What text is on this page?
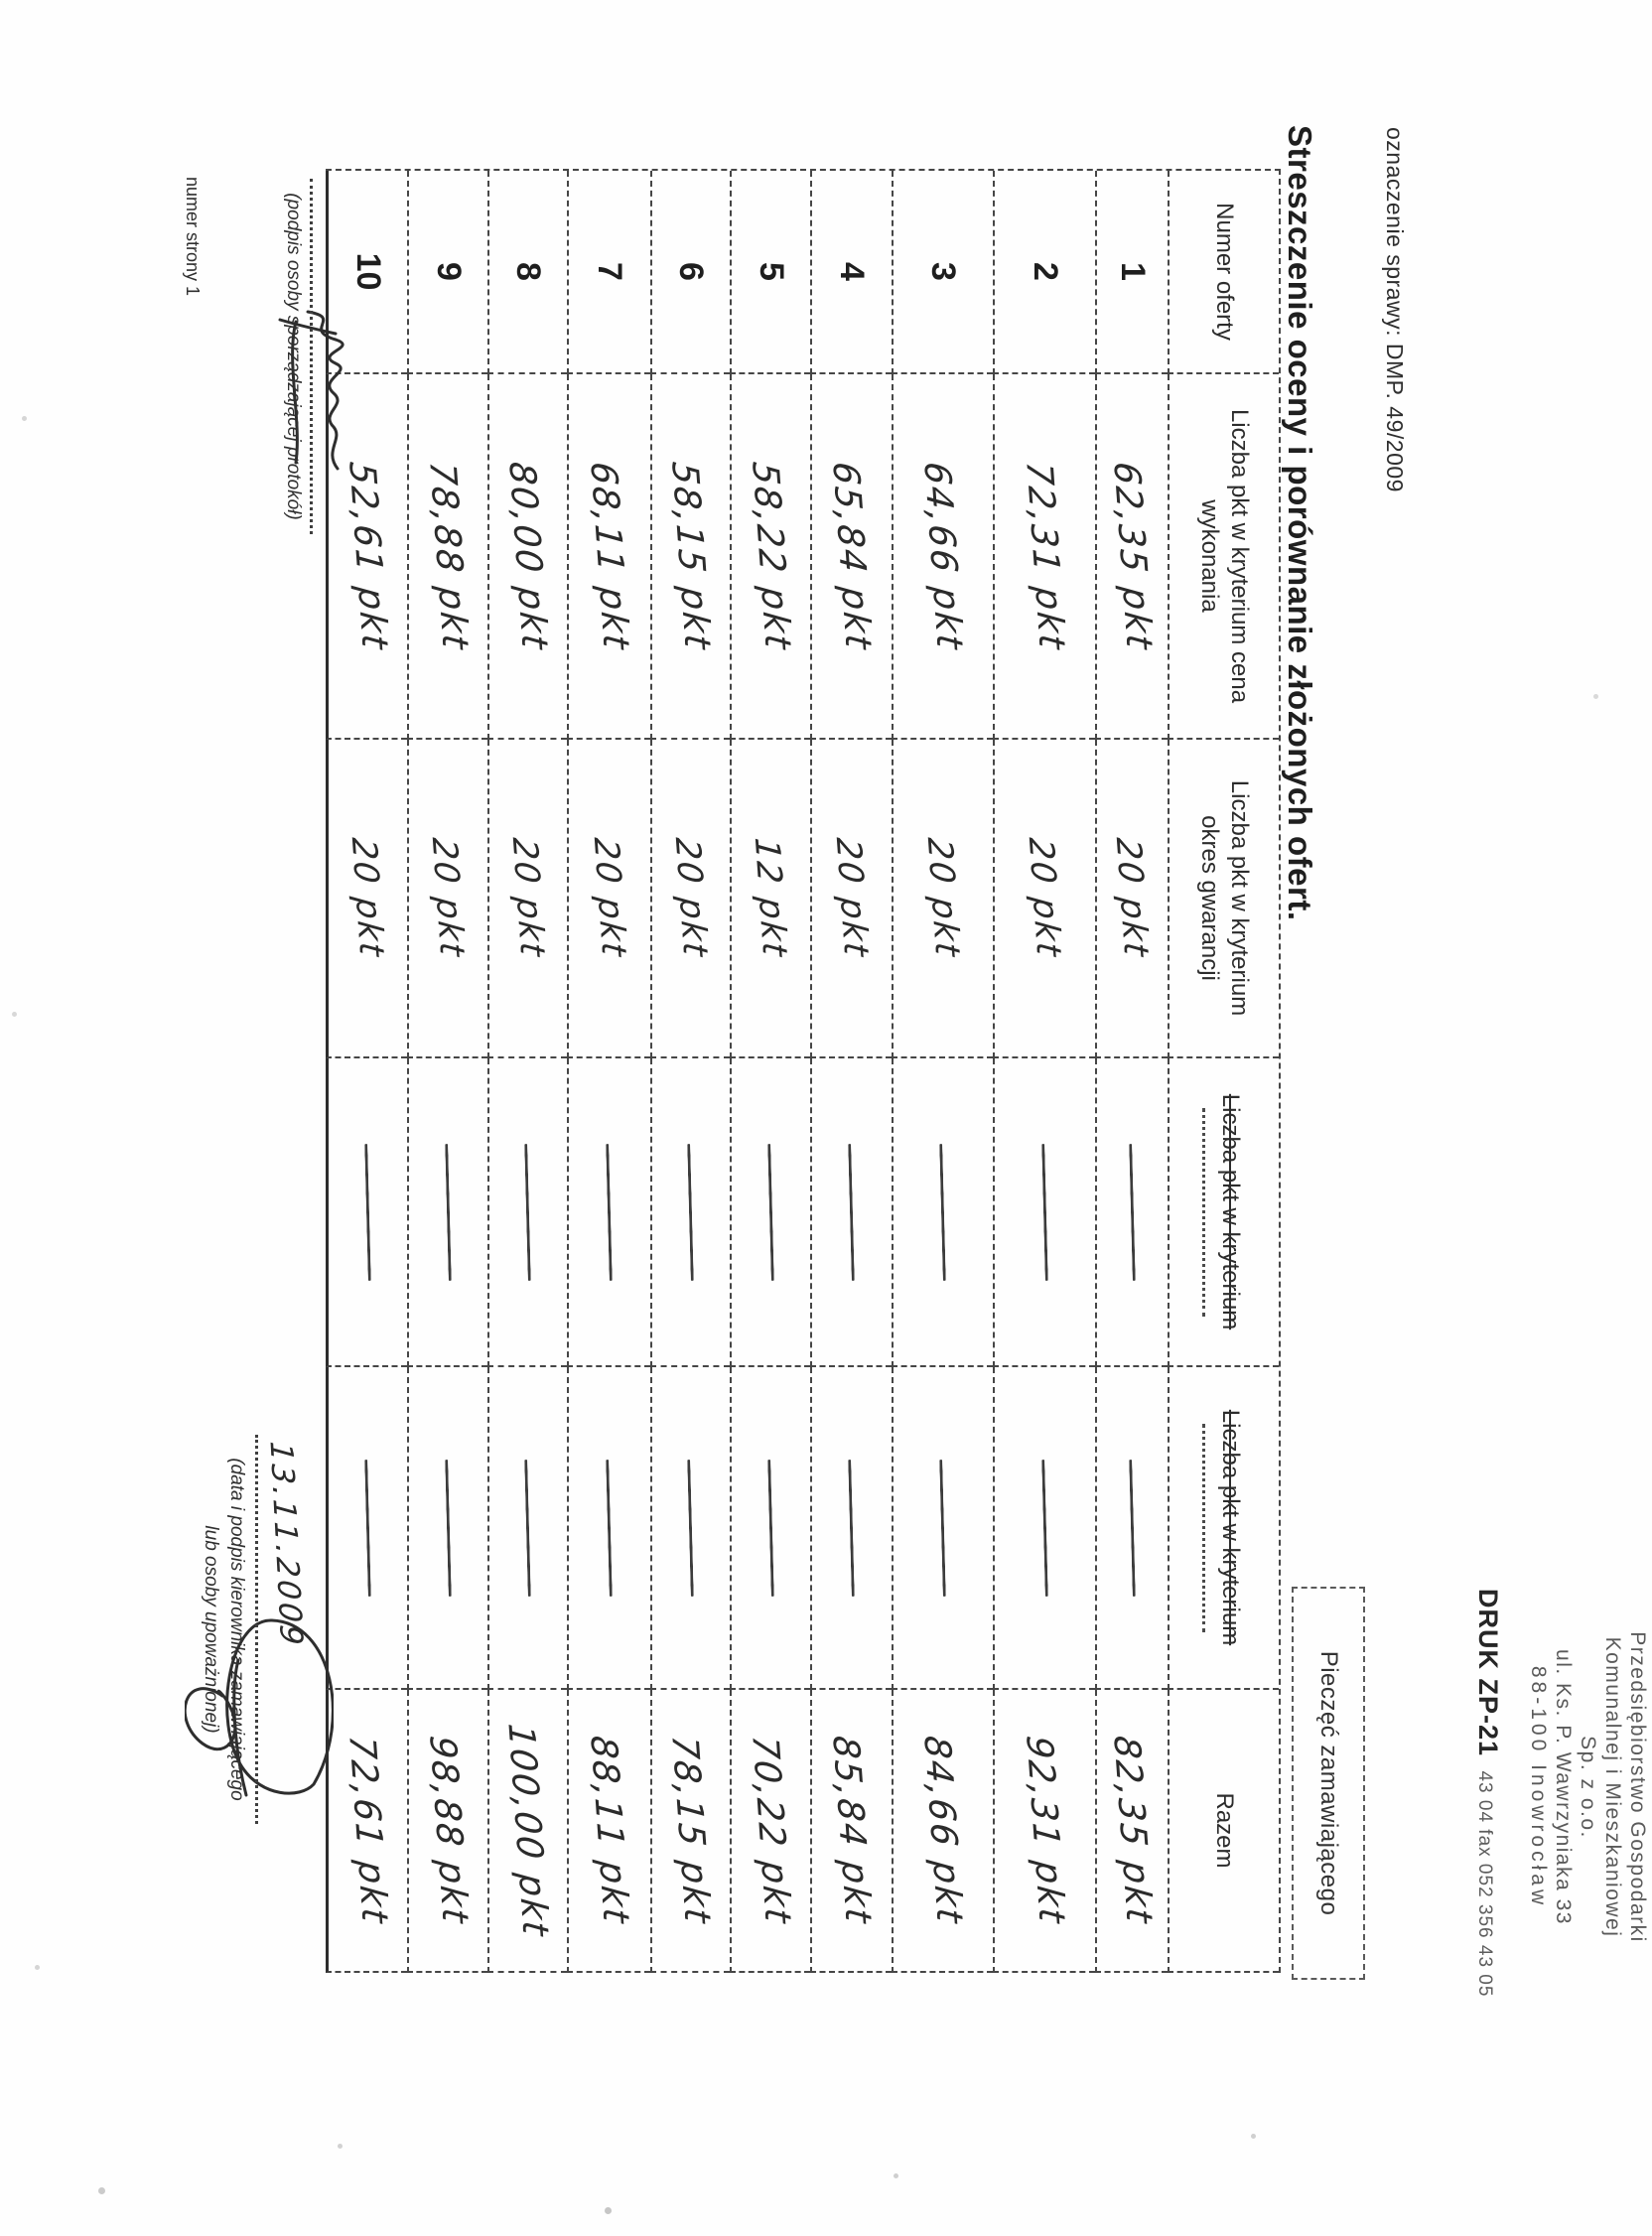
oznaczenie sprawy: DMP. 49/2009
Streszczenie oceny i porównanie złożonych ofert.
Przedsiębiorstwo Gospodarki
Komunalnej i Mieszkaniowej
Sp. z o.o.
ul. Ks. P. Wawrzyniaka 33
88-100 Inowrocław
DRUK ZP-21 43 04 fax 052 356 43 05
Pieczęć zamawiającego
Numer oferty
Liczba pkt w kryterium cena
wykonania
Liczba pkt w kryterium
okres gwarancji
Liczba pkt w kryterium
Liczba pkt w kryterium
Razem
1
62,35 pkt
20 pkt
82,35 pkt
2
72,31 pkt
20 pkt
92,31 pkt
3
64,66 pkt
20 pkt
84,66 pkt
4
65,84 pkt
20 pkt
85,84 pkt
5
58,22 pkt
12 pkt
70,22 pkt
6
58,15 pkt
20 pkt
78,15 pkt
7
68,11 pkt
20 pkt
88,11 pkt
8
80,00 pkt
20 pkt
100,00 pkt
9
78,88 pkt
20 pkt
98,88 pkt
10
52,61 pkt
20 pkt
72,61 pkt
(podpis osoby sporządzającej protokół)
numer strony 1
13.11.2009
(data i podpis kierownika zamawiającego
lub osoby upoważnionej)
